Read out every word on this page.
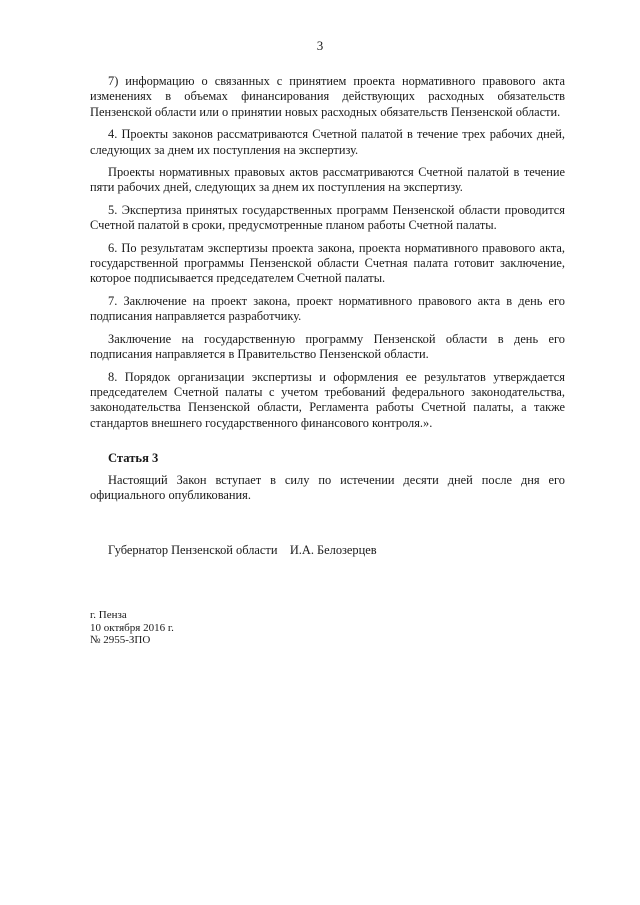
3

7) информацию о связанных с принятием проекта нормативного правового акта изменениях в объемах финансирования действующих расходных обязательств Пензенской области или о принятии новых расходных обязательств Пензенской области.

4. Проекты законов рассматриваются Счетной палатой в течение трех рабочих дней, следующих за днем их поступления на экспертизу.

Проекты нормативных правовых актов рассматриваются Счетной палатой в течение пяти рабочих дней, следующих за днем их поступления на экспертизу.

5. Экспертиза принятых государственных программ Пензенской области проводится Счетной палатой в сроки, предусмотренные планом работы Счетной палаты.

6. По результатам экспертизы проекта закона, проекта нормативного правового акта, государственной программы Пензенской области Счетная палата готовит заключение, которое подписывается председателем Счетной палаты.

7. Заключение на проект закона, проект нормативного правового акта в день его подписания направляется разработчику.

Заключение на государственную программу Пензенской области в день его подписания направляется в Правительство Пензенской области.

8. Порядок организации экспертизы и оформления ее результатов утверждается председателем Счетной палаты с учетом требований федерального законодательства, законодательства Пензенской области, Регламента работы Счетной палаты, а также стандартов внешнего государственного финансового контроля.».

Статья 3

Настоящий Закон вступает в силу по истечении десяти дней после дня его официального опубликования.

Губернатор Пензенской области    И.А. Белозерцев
г. Пенза
10 октября 2016 г.
№ 2955-ЗПО
